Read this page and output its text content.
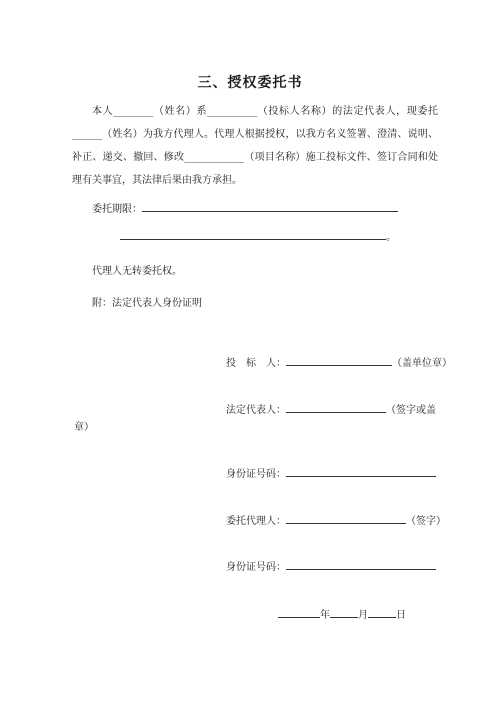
三、授权委托书
本人________（姓名）系__________（投标人名称）的法定代表人，现委托______（姓名）为我方代理人。代理人根据授权，以我方名义签署、澄清、说明、补正、递交、撤回、修改____________（项目名称）施工投标文件、签订合同和处理有关事宜，其法律后果由我方承担。
委托期限：
。
代理人无转委托权。
附：法定代表人身份证明
投　标　人：	（盖单位章）
法定代表人：	（签字或盖
章）
身份证号码：
委托代理人：	（签字）
身份证号码：
年	月	日
